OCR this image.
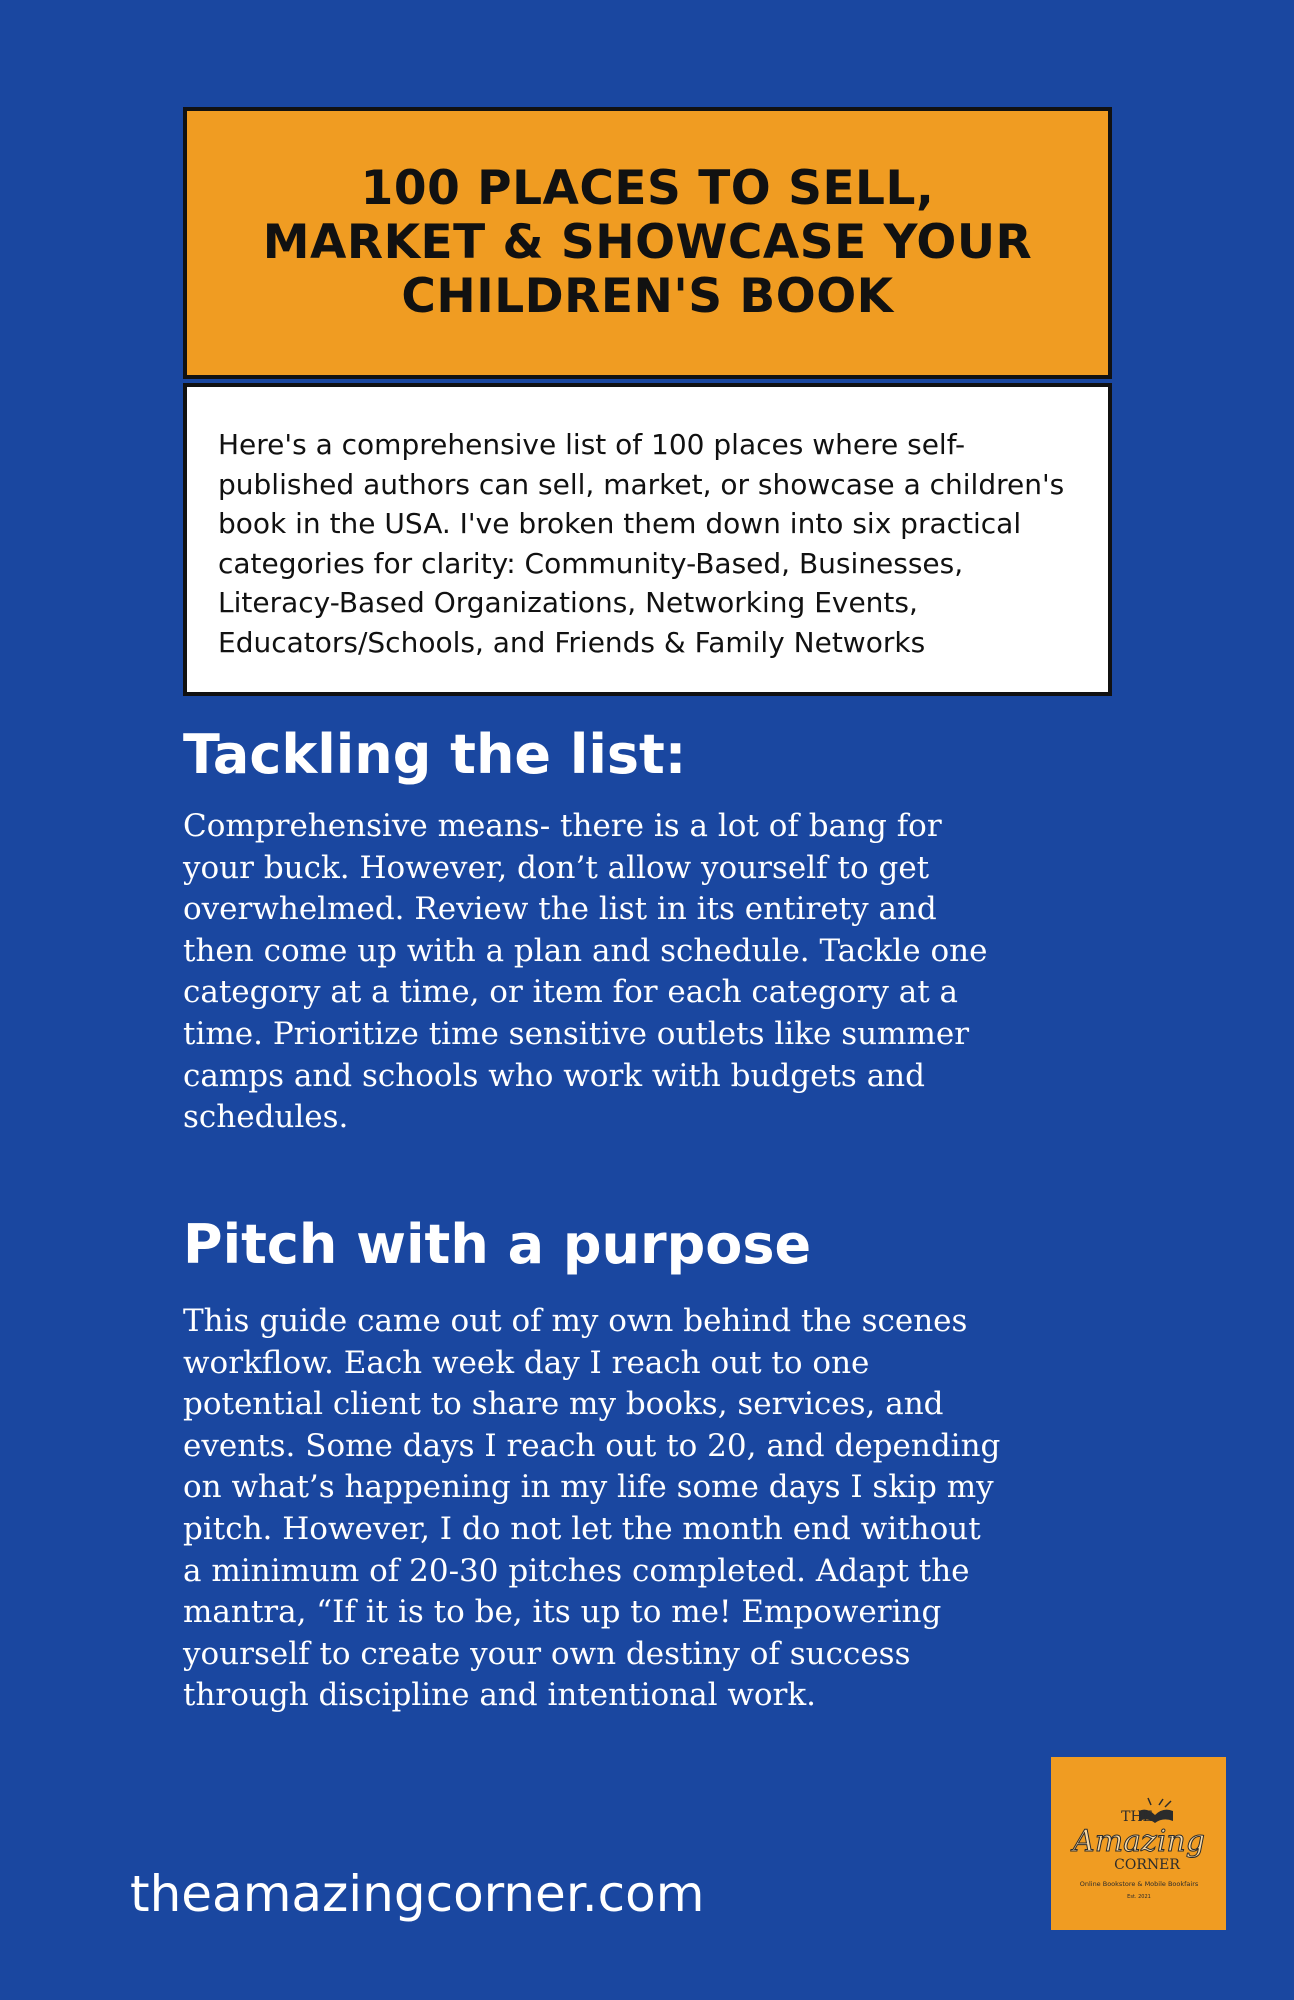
100 PLACES TO SELL,
MARKET & SHOWCASE YOUR
CHILDREN'S BOOK

Here's a comprehensive list of 100 places where self-
published authors can sell, market, or showcase a children's
book in the USA. I've broken them down into six practical
categories for clarity: Community-Based, Businesses,
Literacy-Based Organizations, Networking Events,
Educators/Schools, and Friends & Family Networks

Tackling the list:

Comprehensive means- there is a lot of bang for
your buck. However, don’t allow yourself to get
overwhelmed. Review the list in its entirety and
then come up with a plan and schedule. Tackle one
category at a time, or item for each category at a
time. Prioritize time sensitive outlets like summer
camps and schools who work with budgets and
schedules.

Pitch with a purpose

This guide came out of my own behind the scenes
workflow. Each week day I reach out to one
potential client to share my books, services, and
events. Some days I reach out to 20, and depending
on what’s happening in my life some days I skip my
pitch. However, I do not let the month end without
a minimum of 20-30 pitches completed. Adapt the
mantra, “If it is to be, its up to me! Empowering
yourself to create your own destiny of success
through discipline and intentional work.

theamazingcorner.com

THE
Amazing
CORNER
Online Bookstore & Mobile Bookfairs
Est. 2021
